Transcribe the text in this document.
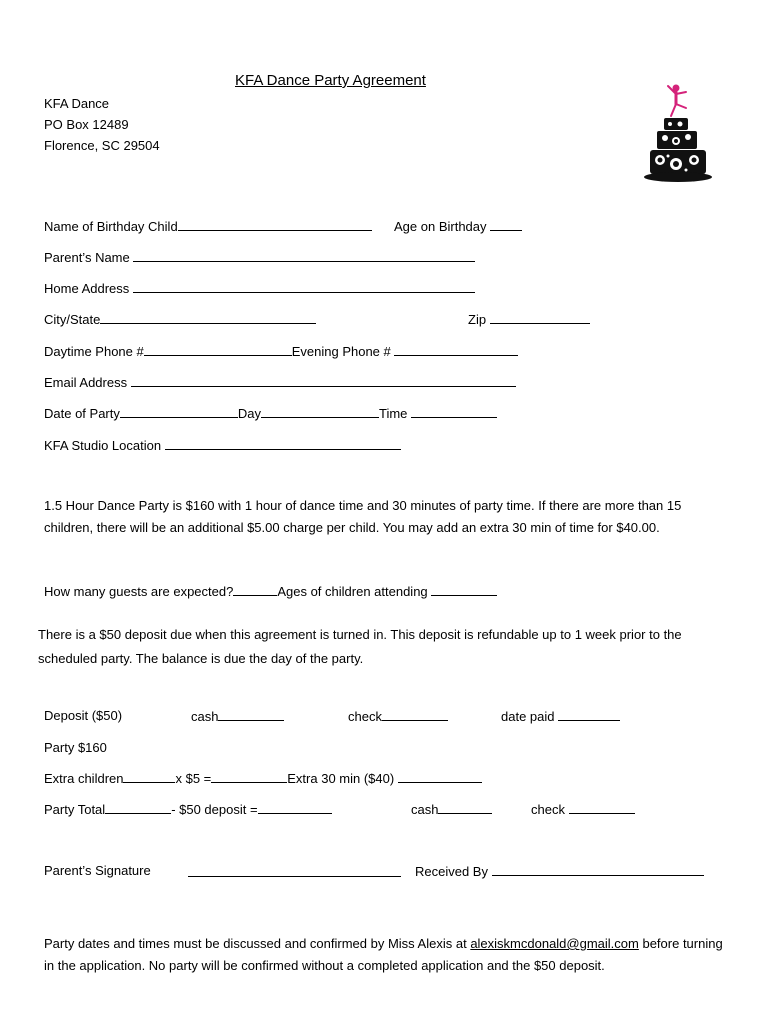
KFA Dance Party Agreement
KFA Dance
PO Box 12489
Florence, SC 29504
Name of Birthday Child	Age on Birthday
Parent’s Name
Home Address
City/State	Zip
Daytime Phone #	Evening Phone #
Email Address
Date of Party	Day	Time
KFA Studio Location
1.5 Hour Dance Party is $160 with 1 hour of dance time and 30 minutes of party time. If there are more than 15 children, there will be an additional $5.00 charge per child. You may add an extra 30 min of time for $40.00.
How many guests are expected?	Ages of children attending
There is a $50 deposit due when this agreement is turned in. This deposit is refundable up to 1 week prior to the scheduled party. The balance is due the day of the party.
Deposit ($50)	cash	check	date paid
Party $160
Extra children	x $5 =	Extra 30 min ($40)
Party Total	- $50 deposit =	cash	check
Parent’s Signature	Received By
Party dates and times must be discussed and confirmed by Miss Alexis at alexiskmcdonald@gmail.com before turning in the application. No party will be confirmed without a completed application and the $50 deposit.
